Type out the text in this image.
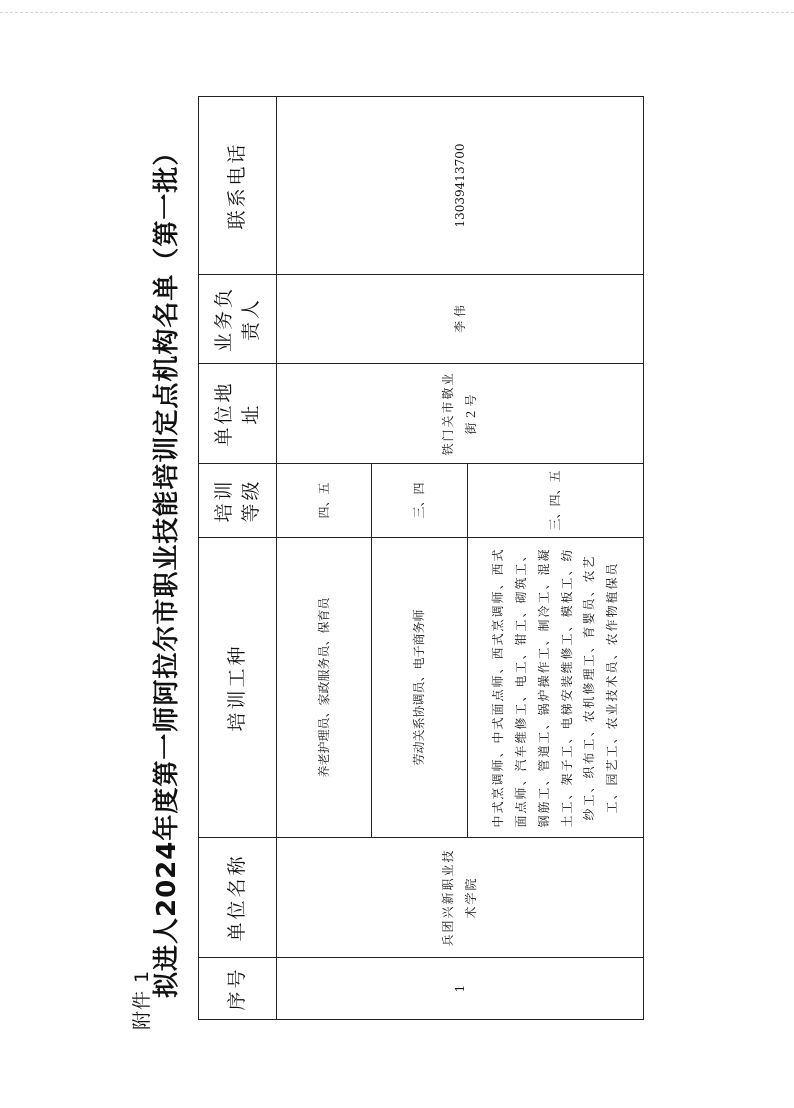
附件 1
拟进人2024年度第一师阿拉尔市职业技能培训定点机构名单（第一批） 序号	单位名称	培训工种	培训等级	单位地址	业务负责人	联系电话
1	兵团兴新职业技术学院	养老护理员、家政服务员、保育员	四、五	铁门关市敬业街２号	李 伟	13039413700
		劳动关系协调员、电子商务师	三、四			
		中式烹调师、中式面点师、西式烹调师、西式面点师、汽车维修工、电工、钳工、砌筑工、钢筋工、管道工、锅炉操作工、制冷工、混凝土工、架子工、电梯安装维修工、模板工、纺纱工、织布工、农机修理工、育婴员、农艺工、园艺工、农业技术员、农作物植保员	三、四、五			
